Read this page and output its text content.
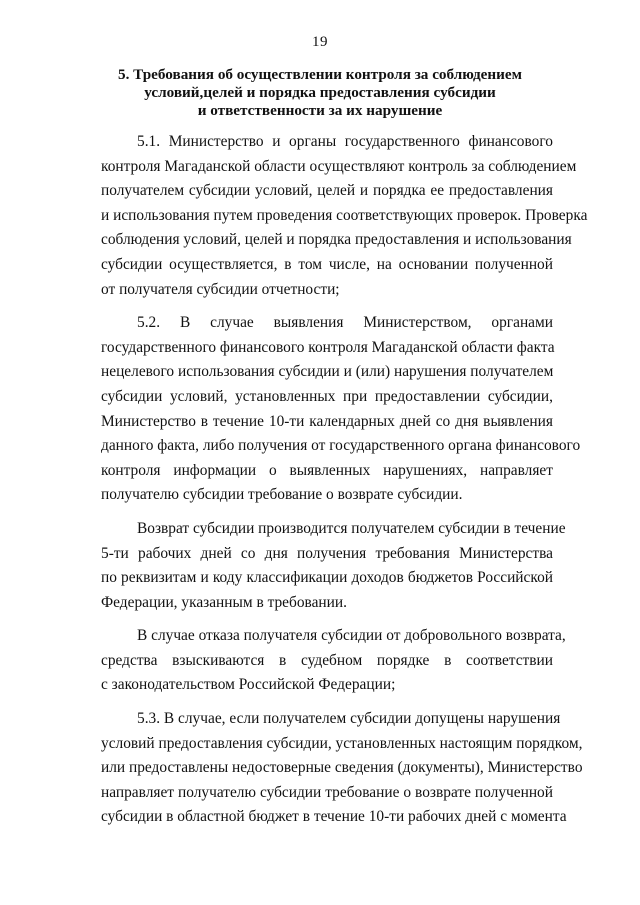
19
5. Требования об осуществлении контроля за соблюдением
условий,целей и порядка предоставления субсидии
и ответственности за их нарушение
5.1. Министерство и органы государственного финансового
контроля Магаданской области осуществляют контроль за соблюдением
получателем субсидии условий, целей и порядка ее предоставления
и использования путем проведения соответствующих проверок. Проверка
соблюдения условий, целей и порядка предоставления и использования
субсидии осуществляется, в том числе, на основании полученной
от получателя субсидии отчетности;
5.2. В случае выявления Министерством, органами
государственного финансового контроля Магаданской области факта
нецелевого использования субсидии и (или) нарушения получателем
субсидии условий, установленных при предоставлении субсидии,
Министерство в течение 10-ти календарных дней со дня выявления
данного факта, либо получения от государственного органа финансового
контроля информации о выявленных нарушениях, направляет
получателю субсидии требование о возврате субсидии.
Возврат субсидии производится получателем субсидии в течение
5-ти рабочих дней со дня получения требования Министерства
по реквизитам и коду классификации доходов бюджетов Российской
Федерации, указанным в требовании.
В случае отказа получателя субсидии от добровольного возврата,
средства взыскиваются в судебном порядке в соответствии
с законодательством Российской Федерации;
5.3. В случае, если получателем субсидии допущены нарушения
условий предоставления субсидии, установленных настоящим порядком,
или предоставлены недостоверные сведения (документы), Министерство
направляет получателю субсидии требование о возврате полученной
субсидии в областной бюджет в течение 10-ти рабочих дней с момента
